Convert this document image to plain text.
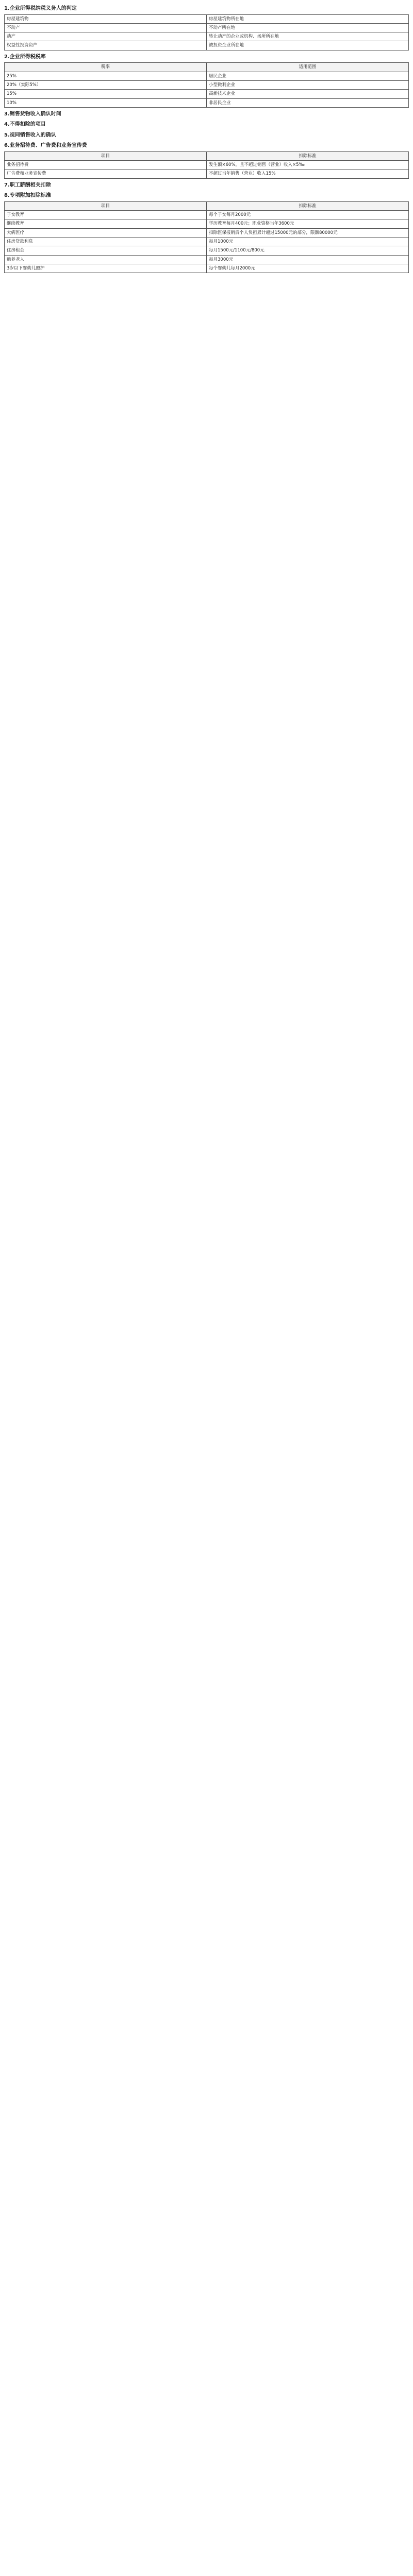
1.企业所得税纳税义务人的判定
房屋建筑物	房屋建筑物所在地
不动产	不动产所在地
动产	转让动产的企业或机构、场所所在地
权益性投资资产	被投资企业所在地
2.企业所得税税率
税率	适用范围
25%	居民企业
20%（实际5%）	小型微利企业
15%	高新技术企业
10%	非居民企业
3.销售货物收入确认时间
4.不得扣除的项目
5.视同销售收入的确认
6.业务招待费、广告费和业务宣传费
项目	扣除标准
业务招待费	发生额×60%，且不超过销售（营业）收入×5‰
广告费和业务宣传费	不超过当年销售（营业）收入15%
7.职工薪酬相关扣除
8.专项附加扣除标准
项目	扣除标准
子女教育	每个子女每月2000元
继续教育	学历教育每月400元；职业资格当年3600元
大病医疗	扣除医保报销后个人负担累计超过15000元的部分，限额80000元
住房贷款利息	每月1000元
住房租金	每月1500元/1100元/800元
赡养老人	每月3000元
3岁以下婴幼儿照护	每个婴幼儿每月2000元
